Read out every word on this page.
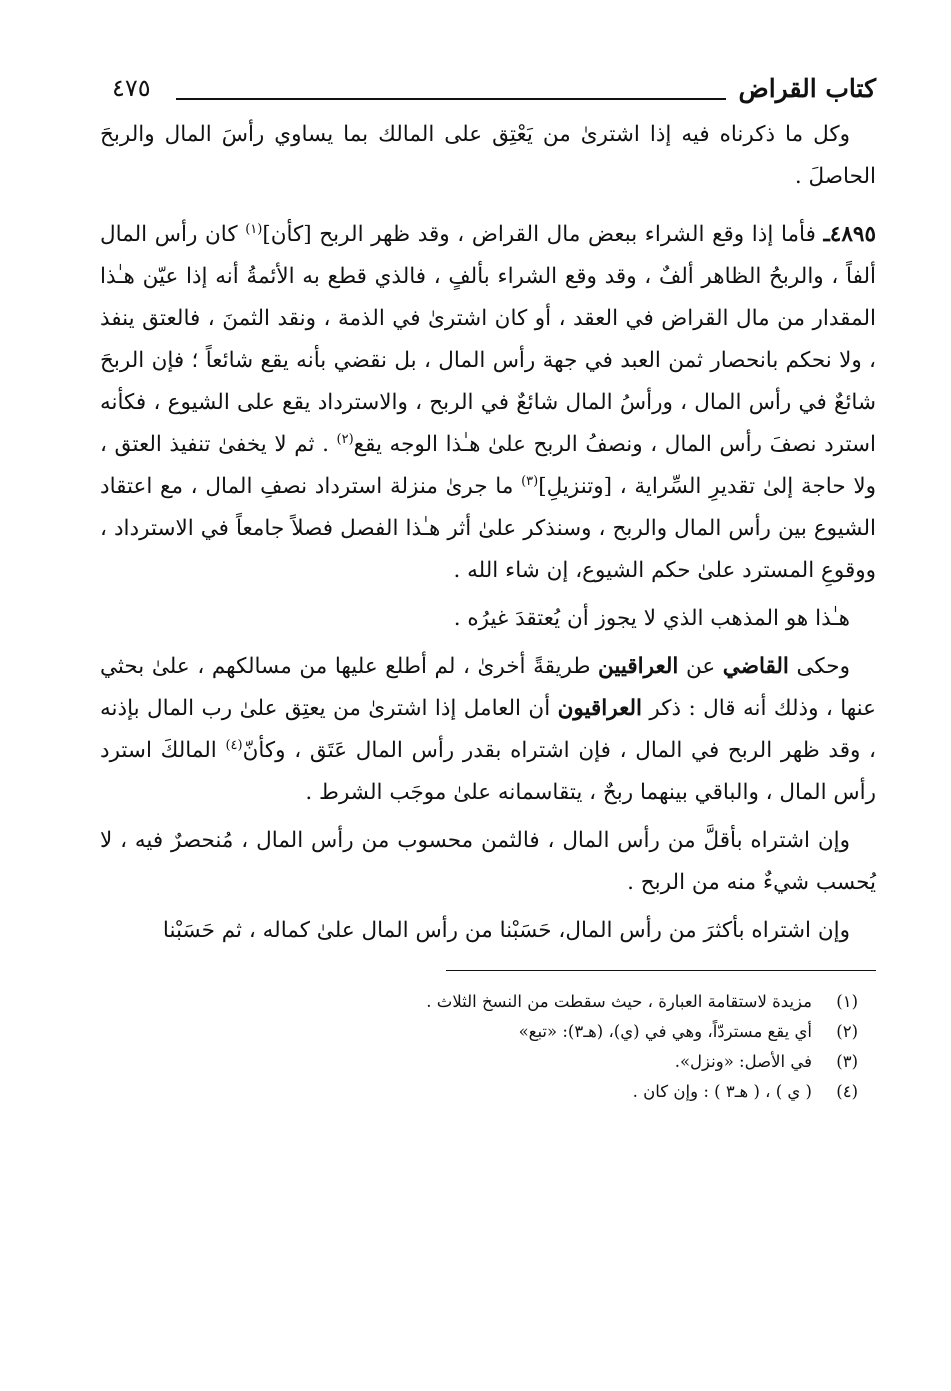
كتاب القراض
٤٧٥

وكل ما ذكرناه فيه إذا اشترىٰ من يَعْتِق على المالك بما يساوي رأسَ المال والربحَ الحاصلَ .

٤٨٩٥ـ فأما إذا وقع الشراء ببعض مال القراض ، وقد ظهر الربح [كأن]$^{(١)}$ كان رأس المال ألفاً ، والربحُ الظاهر ألفٌ ، وقد وقع الشراء بألفٍ ، فالذي قطع به الأئمةُ أنه إذا عيّن هـٰذا المقدار من مال القراض في العقد ، أو كان اشترىٰ في الذمة ، ونقد الثمنَ ، فالعتق ينفذ ، ولا نحكم بانحصار ثمن العبد في جهة رأس المال ، بل نقضي بأنه يقع شائعاً ؛ فإن الربحَ شائعٌ في رأس المال ، ورأسُ المال شائعٌ في الربح ، والاسترداد يقع على الشيوع ، فكأنه استرد نصفَ رأس المال ، ونصفُ الربح علىٰ هـٰذا الوجه يقع$^{(٢)}$ . ثم لا يخفىٰ تنفيذ العتق ، ولا حاجة إلىٰ تقديرِ السِّراية ، [وتنزيلِ]$^{(٣)}$ ما جرىٰ منزلة استرداد نصفِ المال ، مع اعتقاد الشيوع بين رأس المال والربح ، وسنذكر علىٰ أثر هـٰذا الفصل فصلاً جامعاً في الاسترداد ، ووقوعِ المسترد علىٰ حكم الشيوع، إن شاء الله .

هـٰذا هو المذهب الذي لا يجوز أن يُعتقدَ غيرُه .

وحكى القاضي عن العراقيين طريقةً أخرىٰ ، لم أطلع عليها من مسالكهم ، علىٰ بحثي عنها ، وذلك أنه قال : ذكر العراقيون أن العامل إذا اشترىٰ من يعتِق علىٰ رب المال بإذنه ، وقد ظهر الربح في المال ، فإن اشتراه بقدر رأس المال عَتَق ، وكأنّ$^{(٤)}$ المالكَ استرد رأس المال ، والباقي بينهما ربحٌ ، يتقاسمانه علىٰ موجَب الشرط .

وإن اشتراه بأقلَّ من رأس المال ، فالثمن محسوب من رأس المال ، مُنحصرٌ فيه ، لا يُحسب شيءٌ منه من الربح .

وإن اشتراه بأكثرَ من رأس المال، حَسَبْنا من رأس المال علىٰ كماله ، ثم حَسَبْنا

(١)مزيدة لاستقامة العبارة ، حيث سقطت من النسخ الثلاث .

(٢)أي يقع مستردّاً، وهي في (ي)، (هـ٣): «تبع»

(٣)في الأصل: «ونزل».

(٤)( ي ) ، ( هـ٣ ) : وإن كان .
